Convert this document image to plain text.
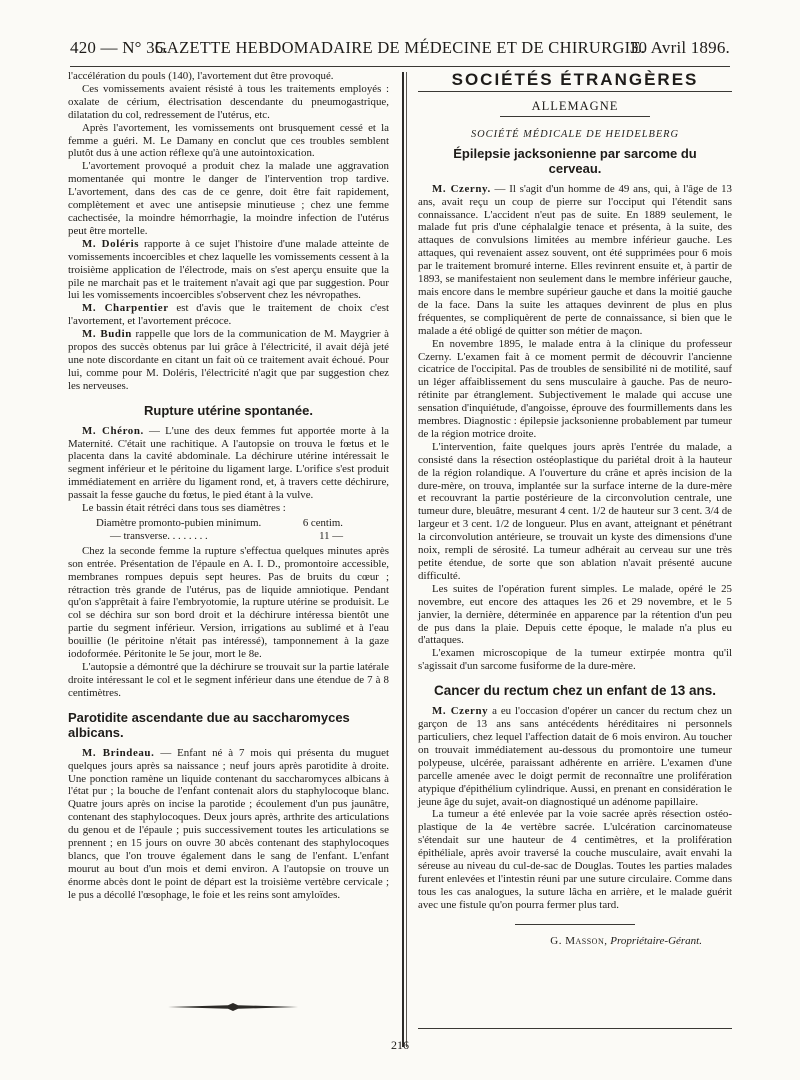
420 — N° 35.
GAZETTE HEBDOMADAIRE DE MÉDECINE ET DE CHIRURGIE.
30 Avril 1896.

l'accélération du pouls (140), l'avortement dut être provoqué.

Ces vomissements avaient résisté à tous les traitements employés : oxalate de cérium, électrisation descendante du pneumogastrique, dilatation du col, redressement de l'utérus, etc.

Après l'avortement, les vomissements ont brusquement cessé et la femme a guéri. M. Le Damany en conclut que ces troubles semblent plutôt dus à une action réflexe qu'à une autointoxication.

L'avortement provoqué a produit chez la malade une aggravation momentanée qui montre le danger de l'intervention trop tardive. L'avortement, dans des cas de ce genre, doit être fait rapidement, complètement et avec une antisepsie minutieuse ; chez une femme cachectisée, la moindre hémorrhagie, la moindre infection de l'utérus peut être mortelle.

M. Doléris rapporte à ce sujet l'histoire d'une malade atteinte de vomissements incoercibles et chez laquelle les vomissements cessent à la troisième application de l'électrode, mais on s'est aperçu ensuite que la pile ne marchait pas et le traitement n'avait agi que par suggestion. Pour lui les vomissements incoercibles s'observent chez les névropathes.

M. Charpentier est d'avis que le traitement de choix c'est l'avortement, et l'avortement précoce.

M. Budin rappelle que lors de la communication de M. Maygrier à propos des succès obtenus par lui grâce à l'électricité, il avait déjà jeté une note discordante en citant un fait où ce traitement avait échoué. Pour lui, comme pour M. Doléris, l'électricité n'agit que par suggestion chez les nerveuses.

Rupture utérine spontanée.

M. Chéron. — L'une des deux femmes fut apportée morte à la Maternité. C'était une rachitique. A l'autopsie on trouva le fœtus et le placenta dans la cavité abdominale. La déchirure utérine intéressait le segment inférieur et le péritoine du ligament large. L'orifice s'est produit immédiatement en arrière du ligament rond, et, à travers cette déchirure, passait la fesse gauche du fœtus, le pied étant à la vulve.

Le bassin était rétréci dans tous ses diamètres :

Diamètre promonto-pubien minimum.	6 centim.
— transverse. . . . . . . .	11 —

Chez la seconde femme la rupture s'effectua quelques minutes après son entrée. Présentation de l'épaule en A. I. D., promontoire accessible, membranes rompues depuis sept heures. Pas de bruits du cœur ; rétraction très grande de l'utérus, pas de liquide amniotique. Pendant qu'on s'apprêtait à faire l'embryotomie, la rupture utérine se produisit. Le col se déchira sur son bord droit et la déchirure intéressa bientôt une partie du segment inférieur. Version, irrigations au sublimé et à l'eau bouillie (le péritoine n'était pas intéressé), tamponnement à la gaze iodoformée. Péritonite le 5e jour, mort le 8e.

L'autopsie a démontré que la déchirure se trouvait sur la partie latérale droite intéressant le col et le segment inférieur dans une étendue de 7 à 8 centimètres.

Parotidite ascendante due au saccharomyces albicans.

M. Brindeau. — Enfant né à 7 mois qui présenta du muguet quelques jours après sa naissance ; neuf jours après parotidite à droite. Une ponction ramène un liquide contenant du saccharomyces albicans à l'état pur ; la bouche de l'enfant contenait alors du staphylocoque blanc. Quatre jours après on incise la parotide ; écoulement d'un pus jaunâtre, contenant des staphylocoques. Deux jours après, arthrite des articulations du genou et de l'épaule ; puis successivement toutes les articulations se prennent ; en 15 jours on ouvre 30 abcès contenant des staphylocoques blancs, que l'on trouve également dans le sang de l'enfant. L'enfant mourut au bout d'un mois et demi environ. A l'autopsie on trouve un énorme abcès dont le point de départ est la troisième vertèbre cervicale ; le pus a décollé l'œsophage, le foie et les reins sont amyloïdes.

SOCIÉTÉS ÉTRANGÈRES
ALLEMAGNE
SOCIÉTÉ MÉDICALE DE HEIDELBERG
Épilepsie jacksonienne par sarcome du cerveau.

M. Czerny. — Il s'agit d'un homme de 49 ans, qui, à l'âge de 13 ans, avait reçu un coup de pierre sur l'occiput qui l'étendit sans connaissance. L'accident n'eut pas de suite. En 1889 seulement, le malade fut pris d'une céphalalgie tenace et présenta, à la suite, des attaques de convulsions limitées au membre inférieur gauche. Les attaques, qui revenaient assez souvent, ont été supprimées pour 6 mois par le traitement bromuré interne. Elles revinrent ensuite et, à partir de 1893, se manifestaient non seulement dans le membre inférieur gauche, mais encore dans le membre supérieur gauche et dans la moitié gauche de la face. Dans la suite les attaques devinrent de plus en plus fréquentes, se compliquèrent de perte de connaissance, si bien que le malade a été obligé de quitter son métier de maçon.

En novembre 1895, le malade entra à la clinique du professeur Czerny. L'examen fait à ce moment permit de découvrir l'ancienne cicatrice de l'occipital. Pas de troubles de sensibilité ni de motilité, sauf un léger affaiblissement du sens musculaire à gauche. Pas de neuro-rétinite par étranglement. Subjectivement le malade qui accuse une sensation d'inquiétude, d'angoisse, éprouve des fourmillements dans les membres. Diagnostic : épilepsie jacksonienne probablement par tumeur de la région motrice droite.

L'intervention, faite quelques jours après l'entrée du malade, a consisté dans la résection ostéoplastique du pariétal droit à la hauteur de la région rolandique. A l'ouverture du crâne et après incision de la dure-mère, on trouva, implantée sur la surface interne de la dure-mère et recouvrant la partie postérieure de la circonvolution centrale, une tumeur dure, bleuâtre, mesurant 4 cent. 1/2 de hauteur sur 3 cent. 3/4 de largeur et 3 cent. 1/2 de longueur. Plus en avant, atteignant et pénétrant la circonvolution antérieure, se trouvait un kyste des dimensions d'une noix, rempli de sérosité. La tumeur adhérait au cerveau sur une très petite étendue, de sorte que son ablation n'avait présenté aucune difficulté.

Les suites de l'opération furent simples. Le malade, opéré le 25 novembre, eut encore des attaques les 26 et 29 novembre, et le 5 janvier, la dernière, déterminée en apparence par la rétention d'un peu de pus dans la plaie. Depuis cette époque, le malade n'a plus eu d'attaques.

L'examen microscopique de la tumeur extirpée montra qu'il s'agissait d'un sarcome fusiforme de la dure-mère.

Cancer du rectum chez un enfant de 13 ans.

M. Czerny a eu l'occasion d'opérer un cancer du rectum chez un garçon de 13 ans sans antécédents héréditaires ni personnels particuliers, chez lequel l'affection datait de 6 mois environ. Au toucher on trouvait immédiatement au-dessous du promontoire une tumeur polypeuse, ulcérée, paraissant adhérente en arrière. L'examen d'une parcelle amenée avec le doigt permit de reconnaître une prolifération atypique d'épithélium cylindrique. Aussi, en prenant en considération le jeune âge du sujet, avait-on diagnostiqué un adénome papillaire.

La tumeur a été enlevée par la voie sacrée après résection ostéo-plastique de la 4e vertèbre sacrée. L'ulcération carcinomateuse s'étendait sur une hauteur de 4 centimètres, et la prolifération épithéliale, après avoir traversé la couche musculaire, avait envahi la séreuse au niveau du cul-de-sac de Douglas. Toutes les parties malades furent enlevées et l'intestin réuni par une suture circulaire. Comme dans tous les cas analogues, la suture lâcha en arrière, et le malade guérit avec une fistule qu'on pourra fermer plus tard.

G. Masson, Propriétaire-Gérant.
216
